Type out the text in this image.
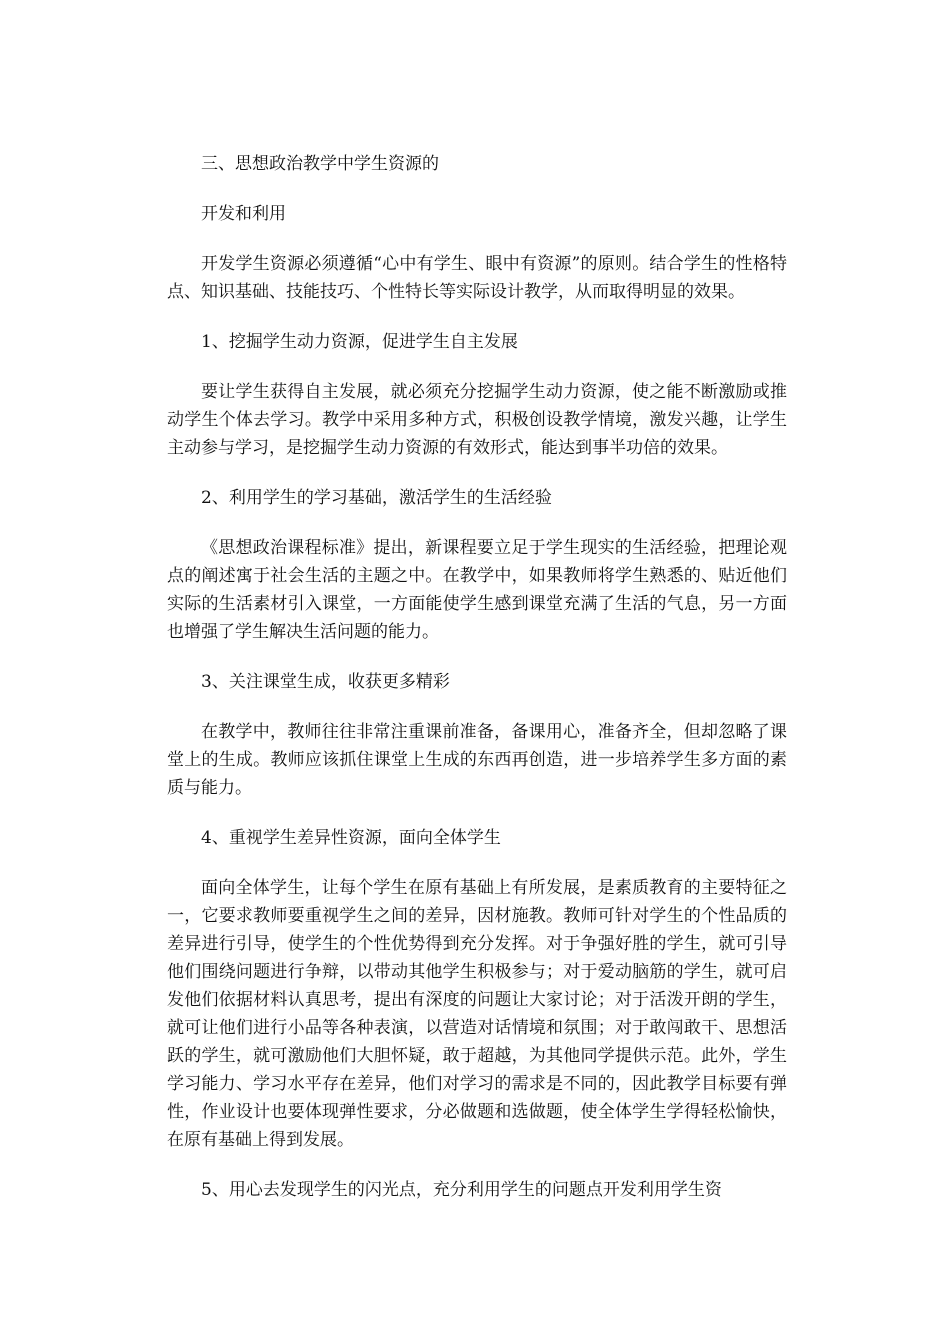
三、思想政治教学中学生资源的

开发和利用

开发学生资源必须遵循“心中有学生、眼中有资源”的原则。结合学生的性格特点、知识基础、技能技巧、个性特长等实际设计教学，从而取得明显的效果。

1、挖掘学生动力资源，促进学生自主发展

要让学生获得自主发展，就必须充分挖掘学生动力资源，使之能不断激励或推动学生个体去学习。教学中采用多种方式，积极创设教学情境，激发兴趣，让学生主动参与学习，是挖掘学生动力资源的有效形式，能达到事半功倍的效果。

2、利用学生的学习基础，激活学生的生活经验

《思想政治课程标准》提出，新课程要立足于学生现实的生活经验，把理论观点的阐述寓于社会生活的主题之中。在教学中，如果教师将学生熟悉的、贴近他们实际的生活素材引入课堂，一方面能使学生感到课堂充满了生活的气息，另一方面也增强了学生解决生活问题的能力。

3、关注课堂生成，收获更多精彩

在教学中，教师往往非常注重课前准备，备课用心，准备齐全，但却忽略了课堂上的生成。教师应该抓住课堂上生成的东西再创造，进一步培养学生多方面的素质与能力。

4、重视学生差异性资源，面向全体学生

面向全体学生，让每个学生在原有基础上有所发展，是素质教育的主要特征之一，它要求教师要重视学生之间的差异，因材施教。教师可针对学生的个性品质的差异进行引导，使学生的个性优势得到充分发挥。对于争强好胜的学生，就可引导他们围绕问题进行争辩，以带动其他学生积极参与；对于爱动脑筋的学生，就可启发他们依据材料认真思考，提出有深度的问题让大家讨论；对于活泼开朗的学生，就可让他们进行小品等各种表演，以营造对话情境和氛围；对于敢闯敢干、思想活跃的学生，就可激励他们大胆怀疑，敢于超越，为其他同学提供示范。此外，学生学习能力、学习水平存在差异，他们对学习的需求是不同的，因此教学目标要有弹性，作业设计也要体现弹性要求，分必做题和选做题，使全体学生学得轻松愉快，在原有基础上得到发展。

5、用心去发现学生的闪光点，充分利用学生的问题点开发利用学生资
